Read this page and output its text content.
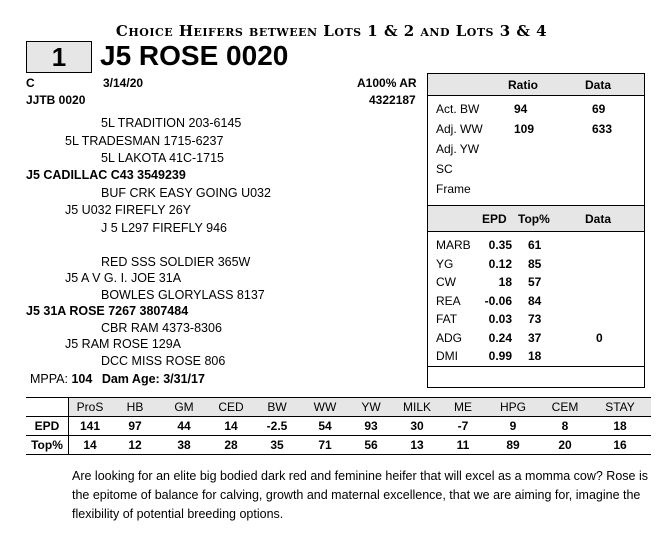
Choice Heifers between Lots 1 & 2 and Lots 3 & 4
1	J5 ROSE 0020
C	3/14/20	A100% AR
JJTB 0020	4322187
5L TRADITION 203-6145
5L TRADESMAN 1715-6237
5L LAKOTA 41C-1715
J5 CADILLAC C43 3549239
BUF CRK EASY GOING U032
J5 U032 FIREFLY 26Y
J 5 L297 FIREFLY 946
RED SSS SOLDIER 365W
J5 A V G. I. JOE 31A
BOWLES GLORYLASS 8137
J5 31A ROSE 7267 3807484
CBR RAM 4373-8306
J5 RAM ROSE 129A
DCC MISS ROSE 806
MPPA: 104 Dam Age: 3/31/17
Ratio	Data
Act. BW	94	69
Adj. WW	109	633
Adj. YW
SC
Frame
EPD Top%	Data
MARB 0.35 61
YG	0.12 85
CW	18 57
REA -0.06 84
FAT	0.03 73
ADG 0.24 37	0
DMI	0.99 18
	ProS	HB	GM	CED	BW	WW	YW	MILK	ME	HPG	CEM	STAY
EPD	141	97	44	14	-2.5	54	93	30	-7	9	8	18
Top%	14	12	38	28	35	71	56	13	11	89	20	16
Are looking for an elite big bodied dark red and feminine heifer that will excel as a momma cow? Rose is the epitome of balance for calving, growth and maternal excellence, that we are aiming for, imagine the flexibility of potential breeding options.
